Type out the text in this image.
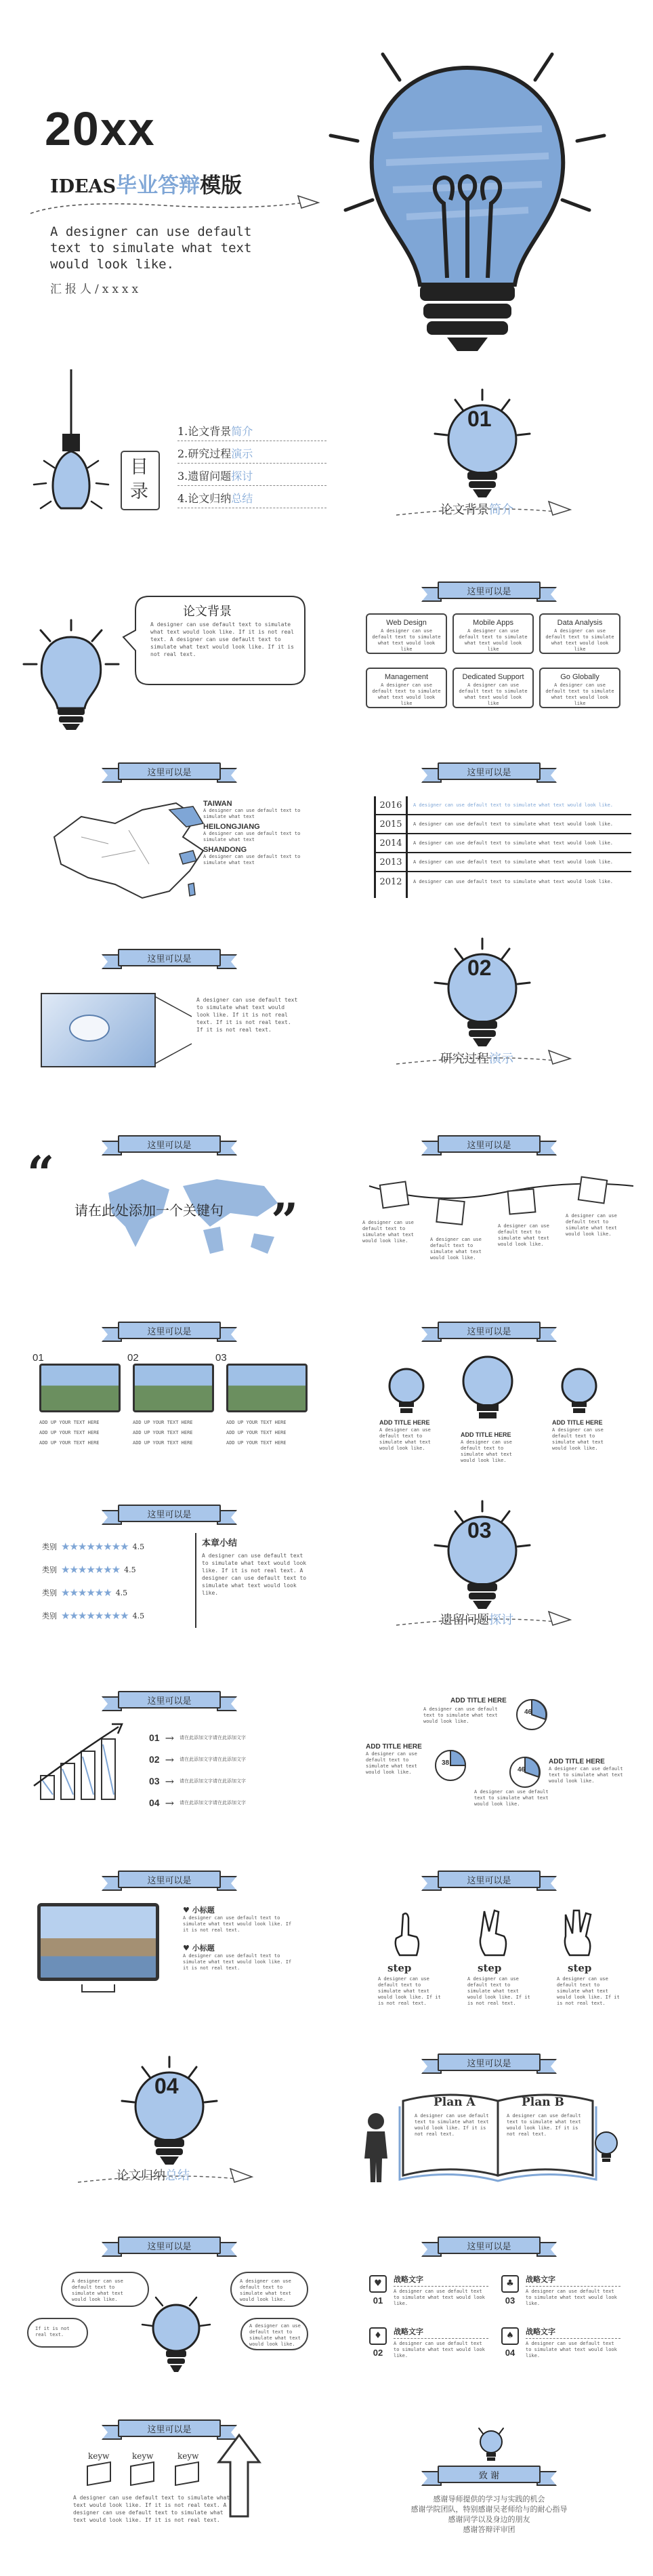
20xx
IDEAS毕业答辩模版
A designer can use default text to simulate what text would look like.
汇报人/xxxx
目录
1.论文背景简介
2.研究过程演示
3.遗留问题探讨
4.论文归纳总结
01
论文背景简介
论文背景
A designer can use default text to simulate what text would look like. If it is not real text. A designer can use default text to simulate what text would look like. If it is not real text.
这里可以是
Web Design
A designer can use default text to simulate what text would look like
Mobile Apps
A designer can use default text to simulate what text would look like
Data Analysis
A designer can use default text to simulate what text would look like
Management
A designer can use default text to simulate what text would look like
Dedicated Support
A designer can use default text to simulate what text would look like
Go Globally
A designer can use default text to simulate what text would look like
这里可以是
TAIWAN
A designer can use default text to simulate what text
HEILONGJIANG
A designer can use default text to simulate what text
SHANDONG
A designer can use default text to simulate what text
这里可以是
2016	A designer can use default text to simulate what text would look like.
2015	A designer can use default text to simulate what text would look like.
2014	A designer can use default text to simulate what text would look like.
2013	A designer can use default text to simulate what text would look like.
2012	A designer can use default text to simulate what text would look like.
这里可以是
A designer can use default text to simulate what text would look like. If it is not real text. If it is not real text. If it is not real text.
02
研究过程演示
这里可以是
“
请在此处添加一个关键句 ”
这里可以是
A designer can use default text to simulate what text would look like.	A designer can use default text to simulate what text would look like.
A designer can use default text to simulate what text would look like.
A designer can use default text to simulate what text would look like.
这里可以是
01	02	03
ADD UP YOUR TEXT HERE
ADD UP YOUR TEXT HERE
ADD UP YOUR TEXT HERE
ADD UP YOUR TEXT HERE
ADD UP YOUR TEXT HERE
ADD UP YOUR TEXT HERE
ADD UP YOUR TEXT HERE
ADD UP YOUR TEXT HERE
ADD UP YOUR TEXT HERE
这里可以是
ADD TITLE HERE
ADD TITLE HERE
ADD TITLE HERE
A designer can use default text to simulate what text would look like.
A designer can use default text to simulate what text would look like.
A designer can use default text to simulate what text would look like.
这里可以是
类别 ★★★★★★★★ 4.5
类别 ★★★★★★★ 4.5
类别 ★★★★★★ 4.5
类别 ★★★★★★★★ 4.5
本章小结
A designer can use default text to simulate what text would look like. If it is not real text. A designer can use default text to simulate what text would look like.
03
遗留问题探讨
这里可以是
01 → 请在此添加文字请在此添加文字
02 → 请在此添加文字请在此添加文字
03 → 请在此添加文字请在此添加文字
04 → 请在此添加文字请在此添加文字
ADD TITLE HERE
ADD TITLE HERE
ADD TITLE HERE
46
38
46
A designer can use default text to simulate what text would look like.
A designer can use default text to simulate what text would look like.
A designer can use default text to simulate what text would look like.
A designer can use default text to simulate what text would look like.
这里可以是
♥ 小标题
A designer can use default text to simulate what text would look like. If it is not real text.
♥ 小标题
A designer can use default text to simulate what text would look like. If it is not real text.
这里可以是
step	step	step
A designer can use default text to simulate what text would look like. If it is not real text.
A designer can use default text to simulate what text would look like. If it is not real text.
A designer can use default text to simulate what text would look like. If it is not real text.
04
论文归纳总结
这里可以是
Plan A	Plan B
A designer can use default text to simulate what text would look like. If it is not real text.
A designer can use default text to simulate what text would look like. If it is not real text.
这里可以是
A designer can use default text to simulate what text would look like.
A designer can use default text to simulate what text would look like.
If it is not real text.
A designer can use default text to simulate what text would look like.
这里可以是
♥
01
战略文字
A designer can use default text to simulate what text would look like.
♣
03
战略文字
A designer can use default text to simulate what text would look like.
♦
02
战略文字
A designer can use default text to simulate what text would look like.
♠
04
战略文字
A designer can use default text to simulate what text would look like.
这里可以是
keyw	keyw	keyw
A designer can use default text to simulate what text would look like. If it is not real text. A designer can use default text to simulate what text would look like. If it is not real text.
致 谢
感谢导师提供的学习与实践的机会
感谢学院团队，特别感谢吴老师给与的耐心指导
感谢同学以及身边的朋友
感谢答辩评审团
